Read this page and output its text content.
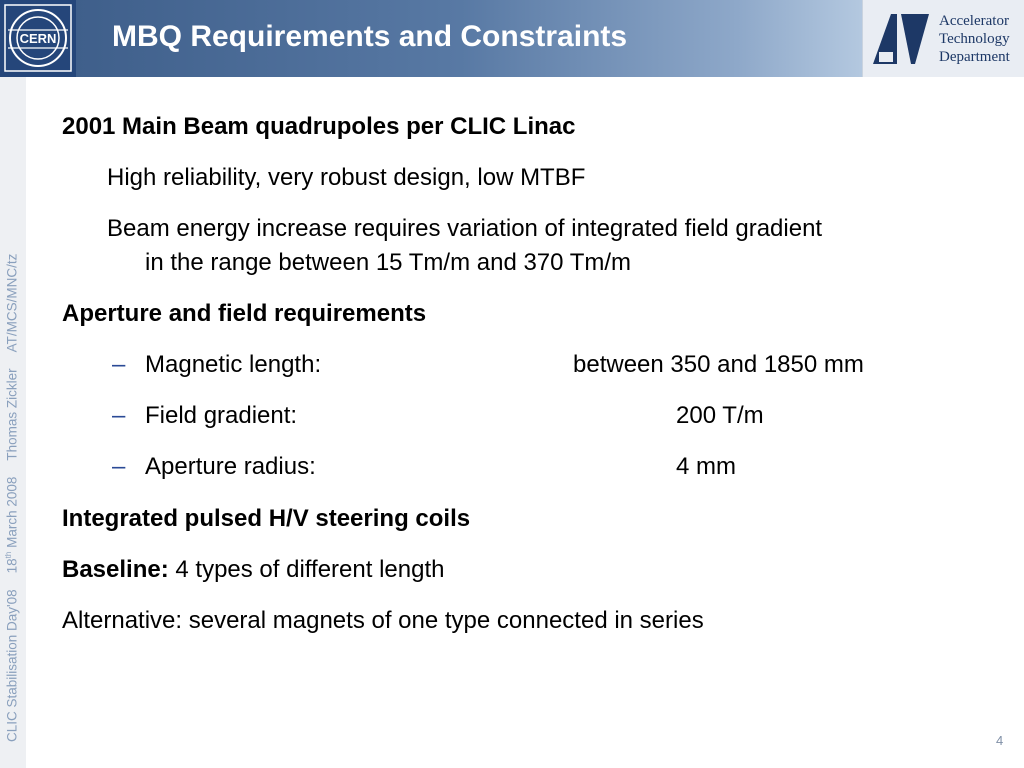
CERN MBQ Requirements and Constraints	Accelerator
Technology
Department
CLIC Stabilisation Day'0818th March 2008Thomas ZicklerAT/MCS/MNC/tz
2001 Main Beam quadrupoles per CLIC Linac
High reliability, very robust design, low MTBF
Beam energy increase requires variation of integrated field gradient
in the range between 15 Tm/m and 370 Tm/m
Aperture and field requirements
– Magnetic length:	between 350 and 1850 mm
– Field gradient:	200 T/m
– Aperture radius:	4 mm
Integrated pulsed H/V steering coils
Baseline: 4 types of different length
Alternative: several magnets of one type connected in series
4
